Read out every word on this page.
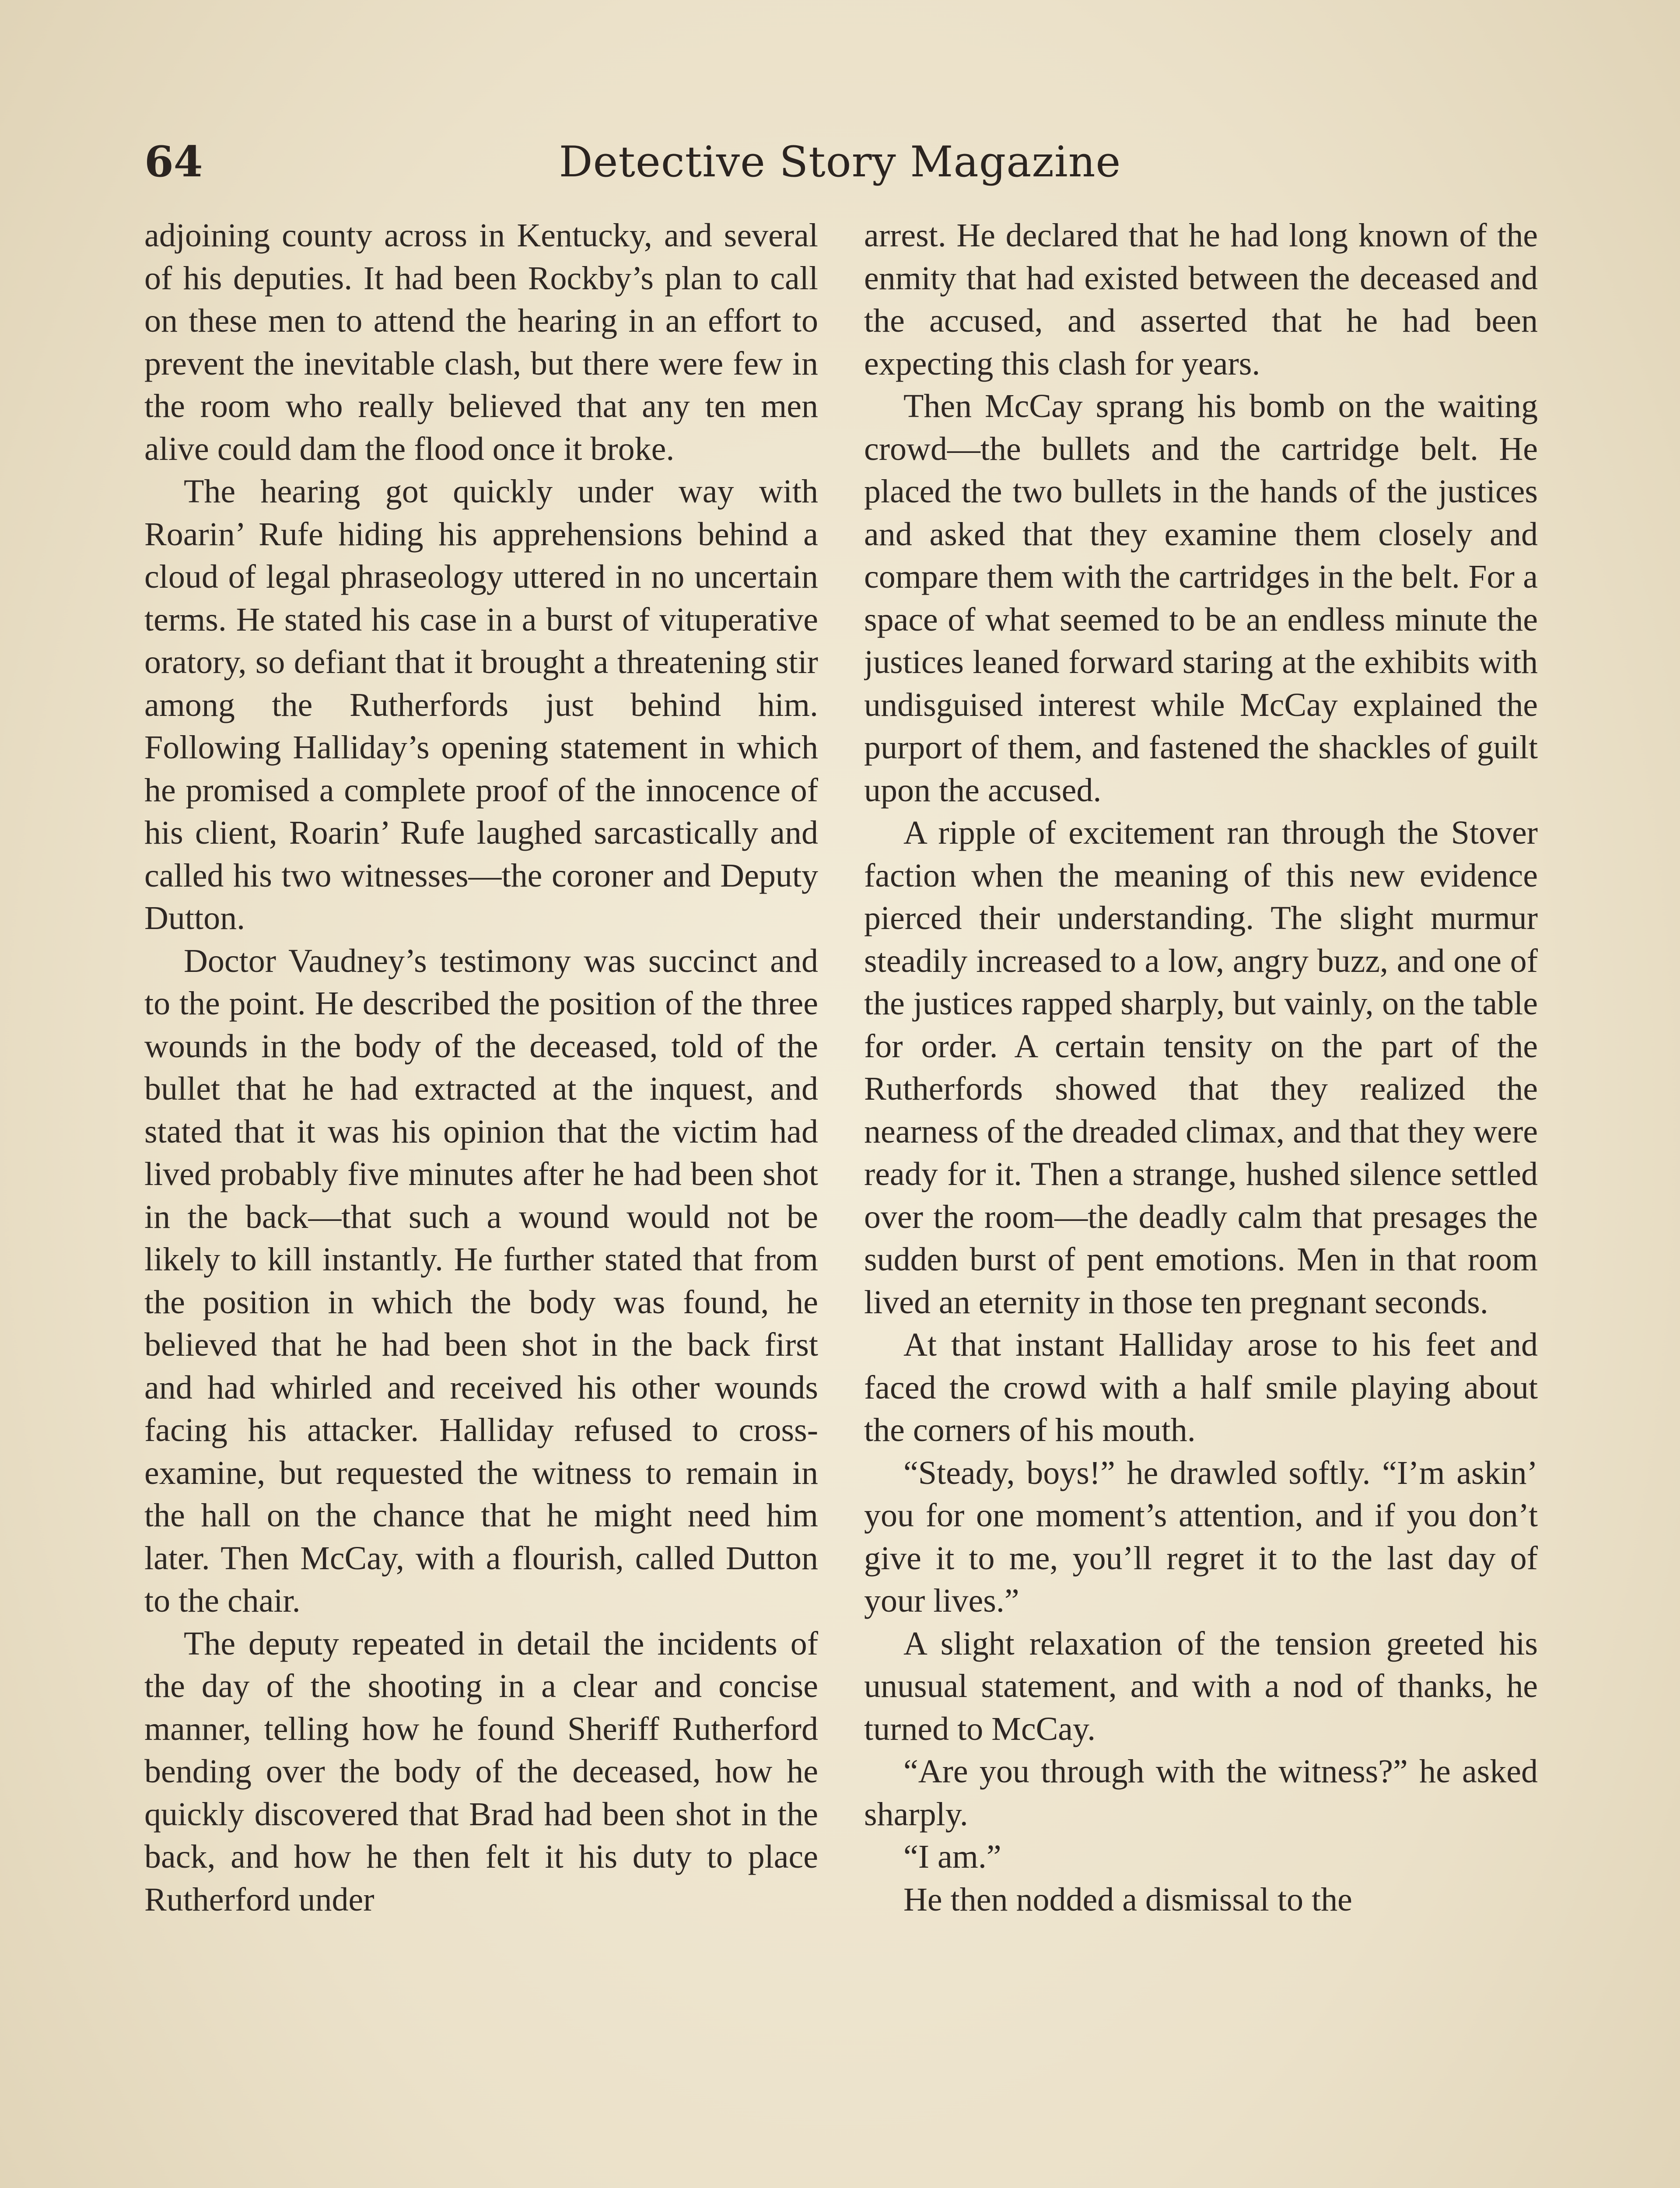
64	Detective Story Magazine

adjoining county across in Kentucky, and several of his deputies. It had been Rockby’s plan to call on these men to attend the hearing in an effort to prevent the inevitable clash, but there were few in the room who really believed that any ten men alive could dam the flood once it broke.

The hearing got quickly under way with Roarin’ Rufe hiding his apprehensions behind a cloud of legal phraseology uttered in no uncertain terms. He stated his case in a burst of vituperative oratory, so defiant that it brought a threatening stir among the Rutherfords just behind him. Following Halliday’s opening statement in which he promised a complete proof of the innocence of his client, Roarin’ Rufe laughed sarcastically and called his two witnesses—the coroner and Deputy Dutton.

Doctor Vaudney’s testimony was succinct and to the point. He described the position of the three wounds in the body of the deceased, told of the bullet that he had extracted at the inquest, and stated that it was his opinion that the victim had lived probably five minutes after he had been shot in the back—that such a wound would not be likely to kill instantly. He further stated that from the position in which the body was found, he believed that he had been shot in the back first and had whirled and received his other wounds facing his attacker. Halliday refused to cross-examine, but requested the witness to remain in the hall on the chance that he might need him later. Then McCay, with a flourish, called Dutton to the chair.

The deputy repeated in detail the incidents of the day of the shooting in a clear and concise manner, telling how he found Sheriff Rutherford bending over the body of the deceased, how he quickly discovered that Brad had been shot in the back, and how he then felt it his duty to place Rutherford under

arrest. He declared that he had long known of the enmity that had existed between the deceased and the accused, and asserted that he had been expecting this clash for years.

Then McCay sprang his bomb on the waiting crowd—the bullets and the cartridge belt. He placed the two bullets in the hands of the justices and asked that they examine them closely and compare them with the cartridges in the belt. For a space of what seemed to be an endless minute the justices leaned forward staring at the exhibits with undisguised interest while McCay explained the purport of them, and fastened the shackles of guilt upon the accused.

A ripple of excitement ran through the Stover faction when the meaning of this new evidence pierced their understanding. The slight murmur steadily increased to a low, angry buzz, and one of the justices rapped sharply, but vainly, on the table for order. A certain tensity on the part of the Rutherfords showed that they realized the nearness of the dreaded climax, and that they were ready for it. Then a strange, hushed silence settled over the room—the deadly calm that presages the sudden burst of pent emotions. Men in that room lived an eternity in those ten pregnant seconds.

At that instant Halliday arose to his feet and faced the crowd with a half smile playing about the corners of his mouth.

“Steady, boys!” he drawled softly. “I’m askin’ you for one moment’s attention, and if you don’t give it to me, you’ll regret it to the last day of your lives.”

A slight relaxation of the tension greeted his unusual statement, and with a nod of thanks, he turned to McCay.

“Are you through with the witness?” he asked sharply.

“I am.”

He then nodded a dismissal to the
